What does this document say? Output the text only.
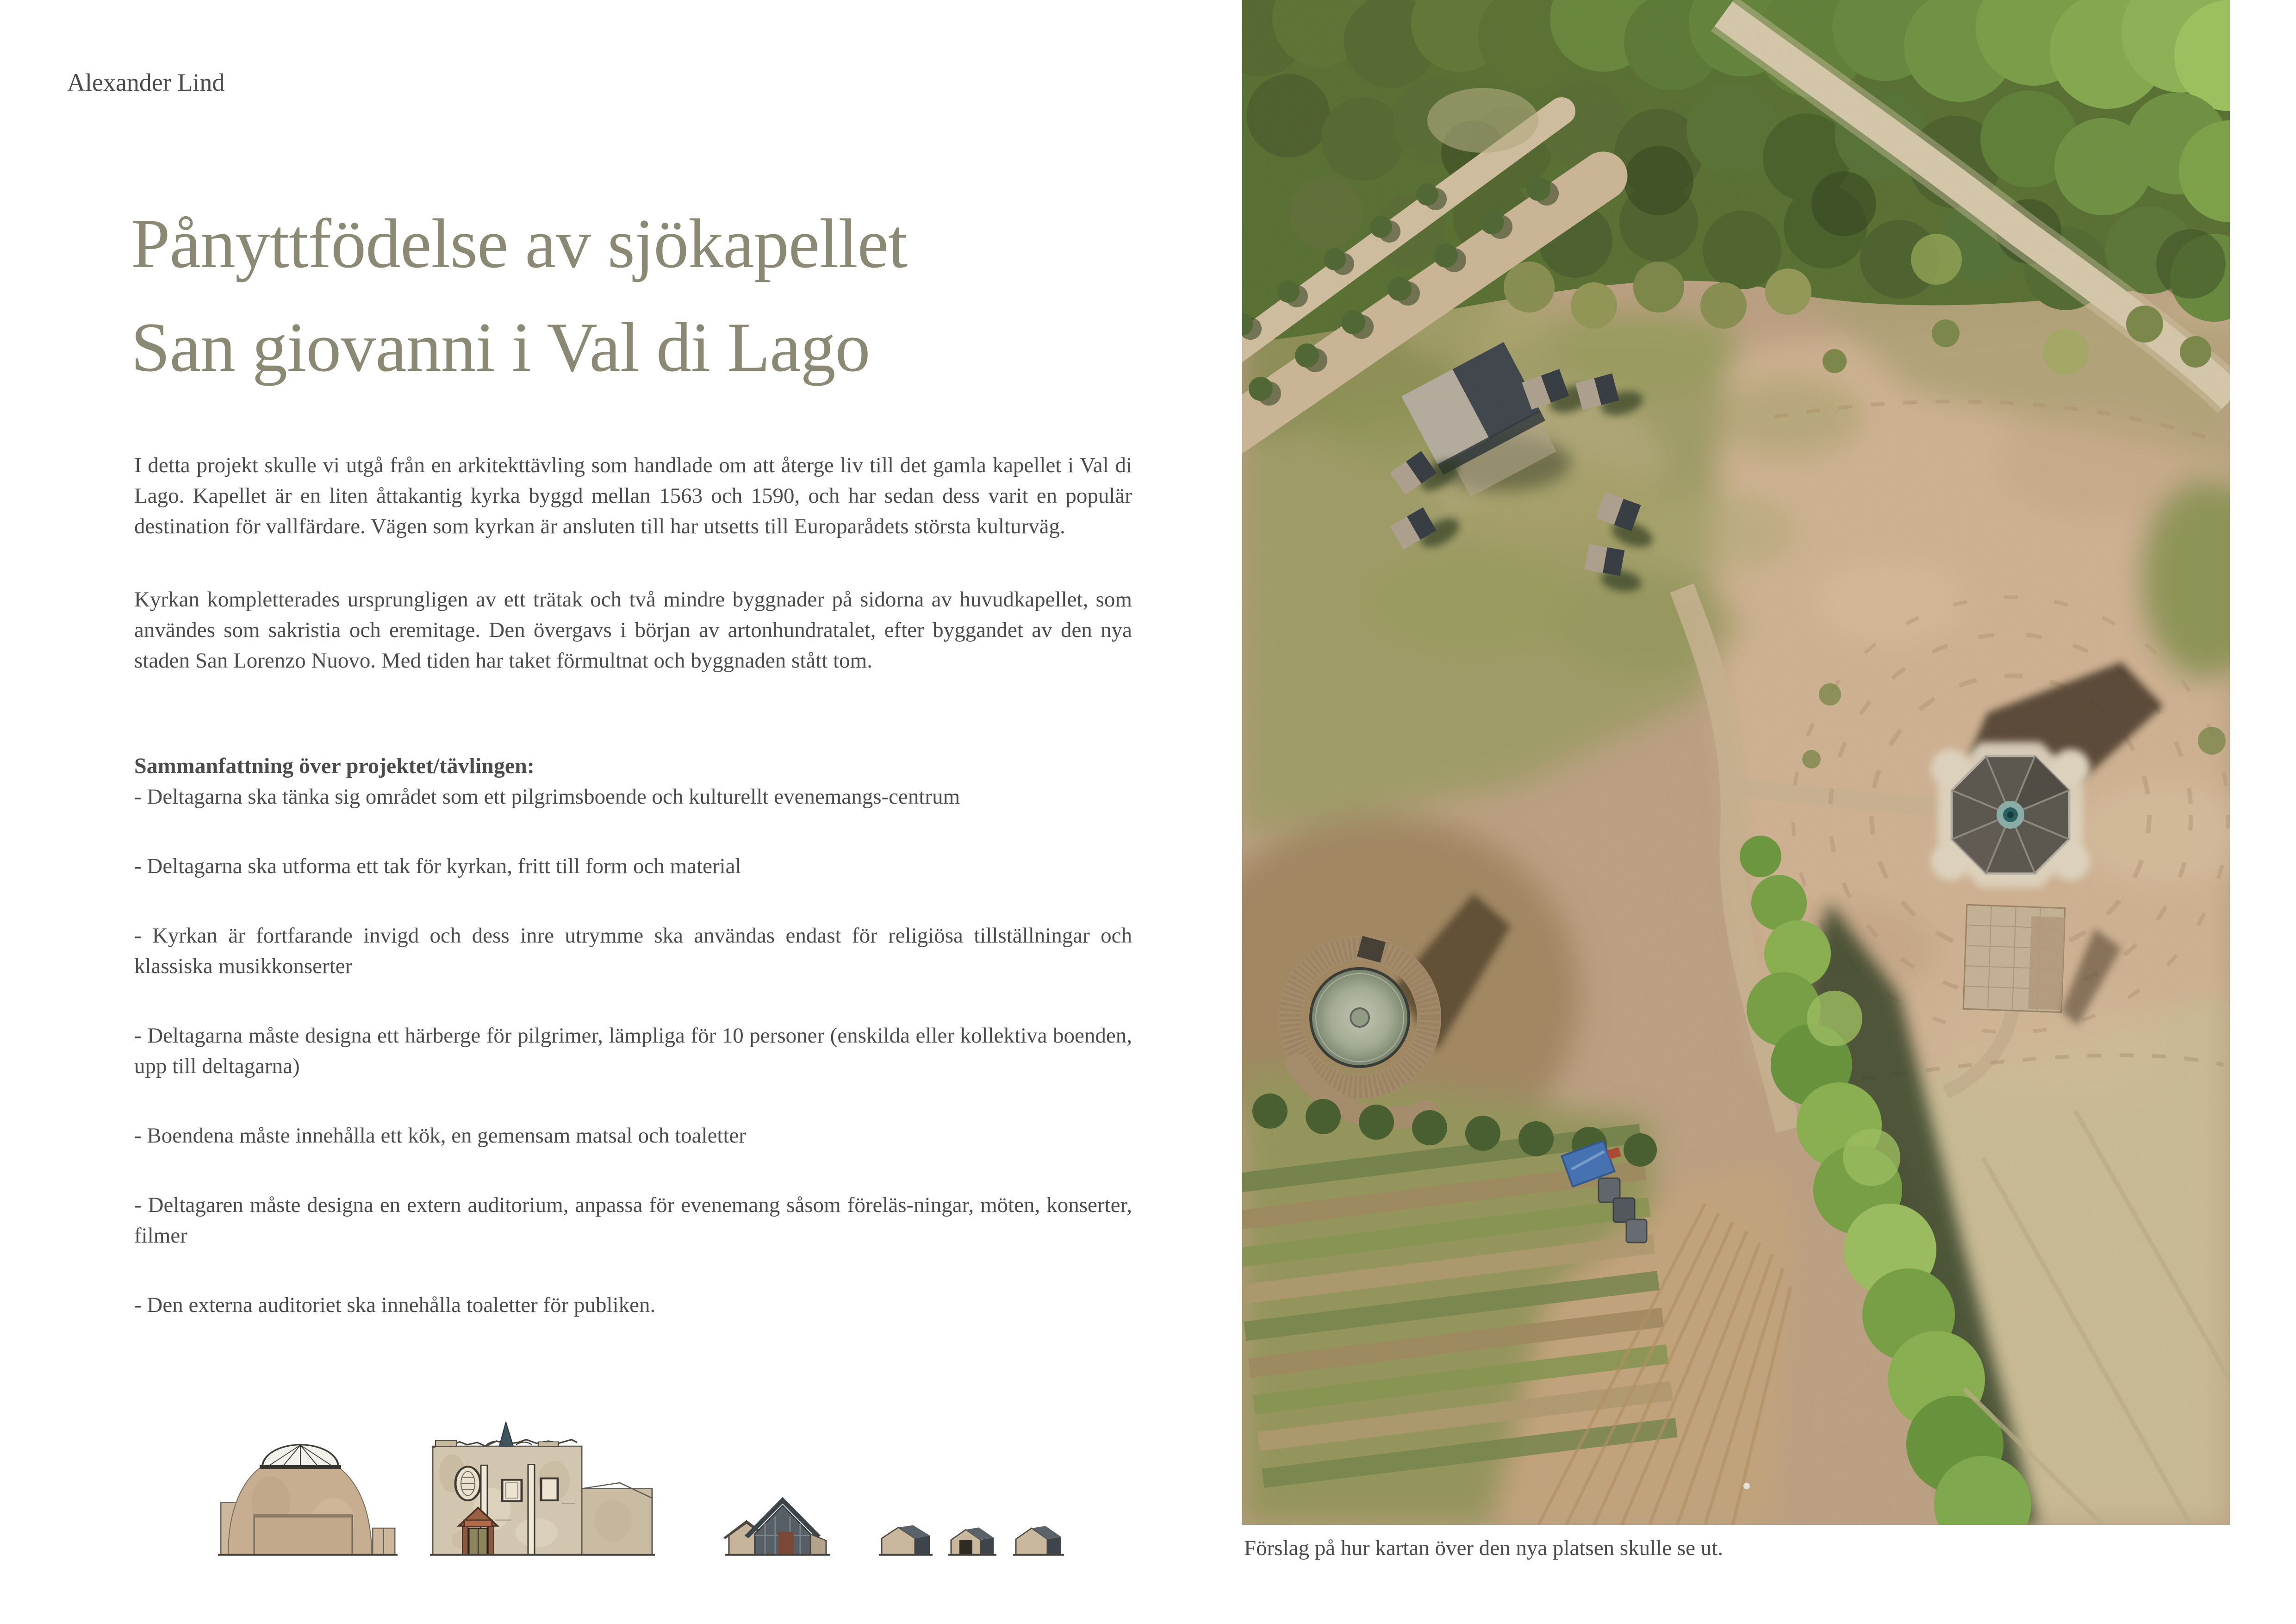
Alexander Lind
Pånyttfödelse av sjökapellet
San giovanni i Val di Lago

I detta projekt skulle vi utgå från en arkitekttävling som handlade om att återge liv till det gamla kapellet i Val di Lago. Kapellet är en liten åttakantig kyrka byggd mellan 1563 och 1590, och har sedan dess varit en populär destination för vallfärdare. Vägen som kyrkan är ansluten till har utsetts till Europarådets största kulturväg.

Kyrkan kompletterades ursprungligen av ett trätak och två mindre byggnader på sidorna av huvudkapellet, som användes som sakristia och eremitage. Den övergavs i början av artonhundratalet, efter byggandet av den nya staden San Lorenzo Nuovo. Med tiden har taket förmultnat och byggnaden stått tom.

Sammanfattning över projektet/tävlingen:

- Deltagarna ska tänka sig området som ett pilgrimsboende och kulturellt evenemangs-centrum

- Deltagarna ska utforma ett tak för kyrkan, fritt till form och material

- Kyrkan är fortfarande invigd och dess inre utrymme ska användas endast för religiösa tillställningar och klassiska musikkonserter

- Deltagarna måste designa ett härberge för pilgrimer, lämpliga för 10 personer (enskilda eller kollektiva boenden, upp till deltagarna)

- Boendena måste innehålla ett kök, en gemensam matsal och toaletter

- Deltagaren måste designa en extern auditorium, anpassa för evenemang såsom föreläs-ningar, möten, konserter, filmer

- Den externa auditoriet ska innehålla toaletter för publiken.

Förslag på hur kartan över den nya platsen skulle se ut.
